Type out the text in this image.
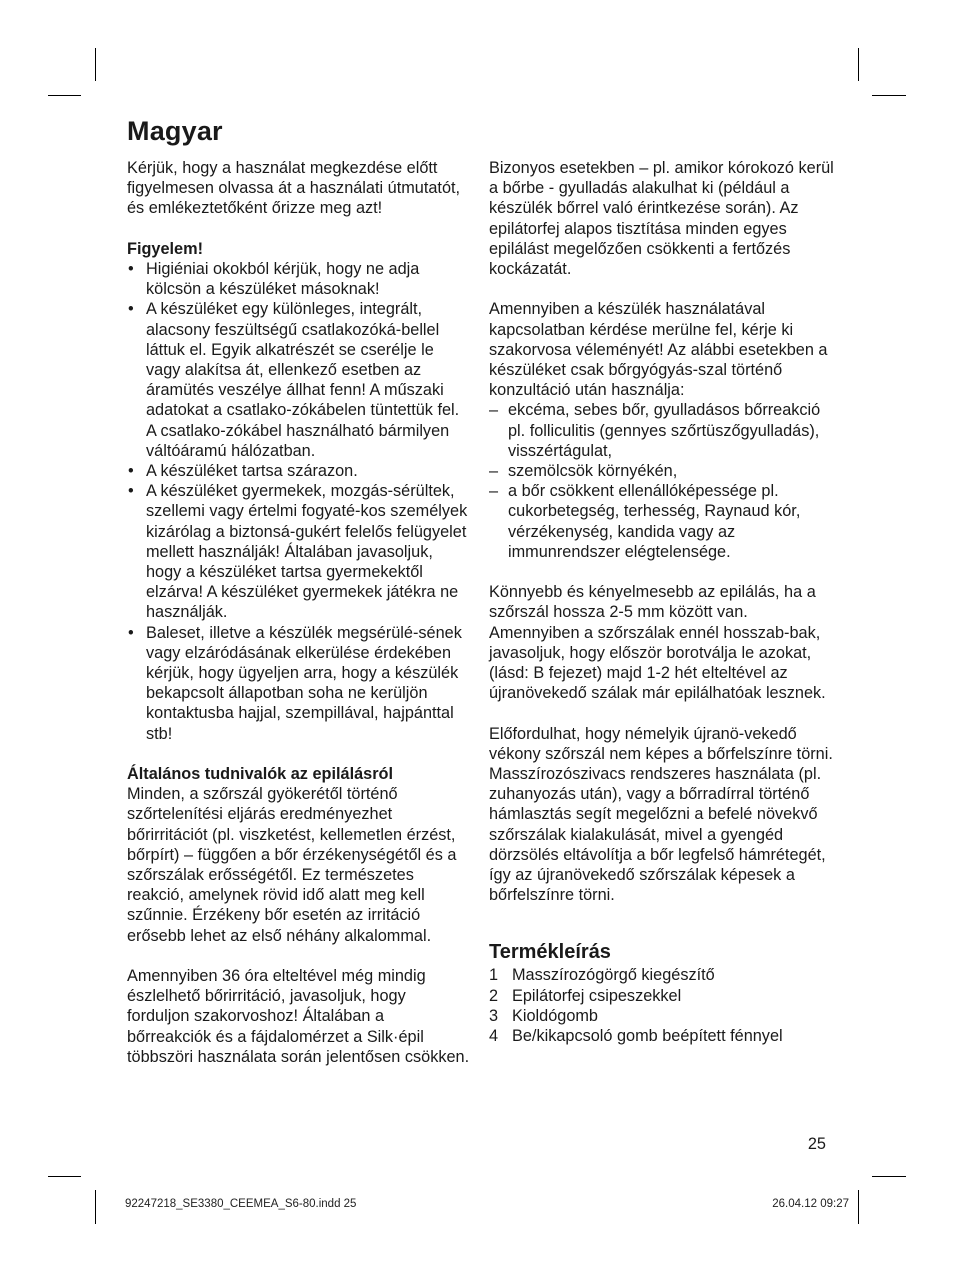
Magyar

Kérjük, hogy a használat megkezdése előtt figyelmesen olvassa át a használati útmutatót, és emlékeztetőként őrizze meg azt!

Figyelem!

• Higiéniai okokból kérjük, hogy ne adja kölcsön a készüléket másoknak!
• A készüléket egy különleges, integrált, alacsony feszültségű csatlakozóká-bellel láttuk el. Egyik alkatrészét se cserélje le vagy alakítsa át, ellenkező esetben az áramütés veszélye állhat fenn! A műszaki adatokat a csatlako-zókábelen tüntettük fel. A csatlako-zókábel használható bármilyen váltóáramú hálózatban.
• A készüléket tartsa szárazon.
• A készüléket gyermekek, mozgás-sérültek, szellemi vagy értelmi fogyaté-kos személyek kizárólag a biztonsá-gukért felelős felügyelet mellett használják! Általában javasoljuk, hogy a készüléket tartsa gyermekektől elzárva! A készüléket gyermekek játékra ne használják.
• Baleset, illetve a készülék megsérülé-sének vagy elzáródásának elkerülése érdekében kérjük, hogy ügyeljen arra, hogy a készülék bekapcsolt állapotban soha ne kerüljön kontaktusba hajjal, szempillával, hajpánttal stb!

Általános tudnivalók az epilálásról

Minden, a szőrszál gyökerétől történő szőrtelenítési eljárás eredményezhet bőrirritációt (pl. viszketést, kellemetlen érzést, bőrpírt) – függően a bőr érzékenységétől és a szőrszálak erősségétől. Ez természetes reakció, amelynek rövid idő alatt meg kell szűnnie. Érzékeny bőr esetén az irritáció erősebb lehet az első néhány alkalommal.

Amennyiben 36 óra elteltével még mindig észlelhető bőrirritáció, javasoljuk, hogy forduljon szakorvoshoz! Általában a bőrreakciók és a fájdalomérzet a Silk·épil többszöri használata során jelentősen csökken.

Bizonyos esetekben – pl. amikor kórokozó kerül a bőrbe - gyulladás alakulhat ki (például a készülék bőrrel való érintkezése során). Az epilátorfej alapos tisztítása minden egyes epilálást megelőzően csökkenti a fertőzés kockázatát.

Amennyiben a készülék használatával kapcsolatban kérdése merülne fel, kérje ki szakorvosa véleményét! Az alábbi esetekben a készüléket csak bőrgyógyás-szal történő konzultáció után használja:

– ekcéma, sebes bőr, gyulladásos bőrreakció pl. folliculitis (gennyes szőrtüszőgyulladás), visszértágulat,
– szemölcsök környékén,
– a bőr csökkent ellenállóképessége pl. cukorbetegség, terhesség, Raynaud kór, vérzékenység, kandida vagy az immunrendszer elégtelensége.

Könnyebb és kényelmesebb az epilálás, ha a szőrszál hossza 2-5 mm között van. Amennyiben a szőrszálak ennél hosszab-bak, javasoljuk, hogy először borotválja le azokat, (lásd: B fejezet) majd 1-2 hét elteltével az újranövekedő szálak már epilálhatóak lesznek.

Előfordulhat, hogy némelyik újranö-vekedő vékony szőrszál nem képes a bőrfelszínre törni. Masszírozószivacs rendszeres használata (pl. zuhanyozás után), vagy a bőrradírral történő hámlasztás segít megelőzni a befelé növekvő szőrszálak kialakulását, mivel a gyengéd dörzsölés eltávolítja a bőr legfelső hámrétegét, így az újranövekedő szőrszálak képesek a bőrfelszínre törni.

Termékleírás

1 Masszírozógörgő kiegészítő
2 Epilátorfej csipeszekkel
3 Kioldógomb
4 Be/kikapcsoló gomb beépített fénnyel
25
92247218_SE3380_CEEMEA_S6-80.indd 25	26.04.12 09:27
